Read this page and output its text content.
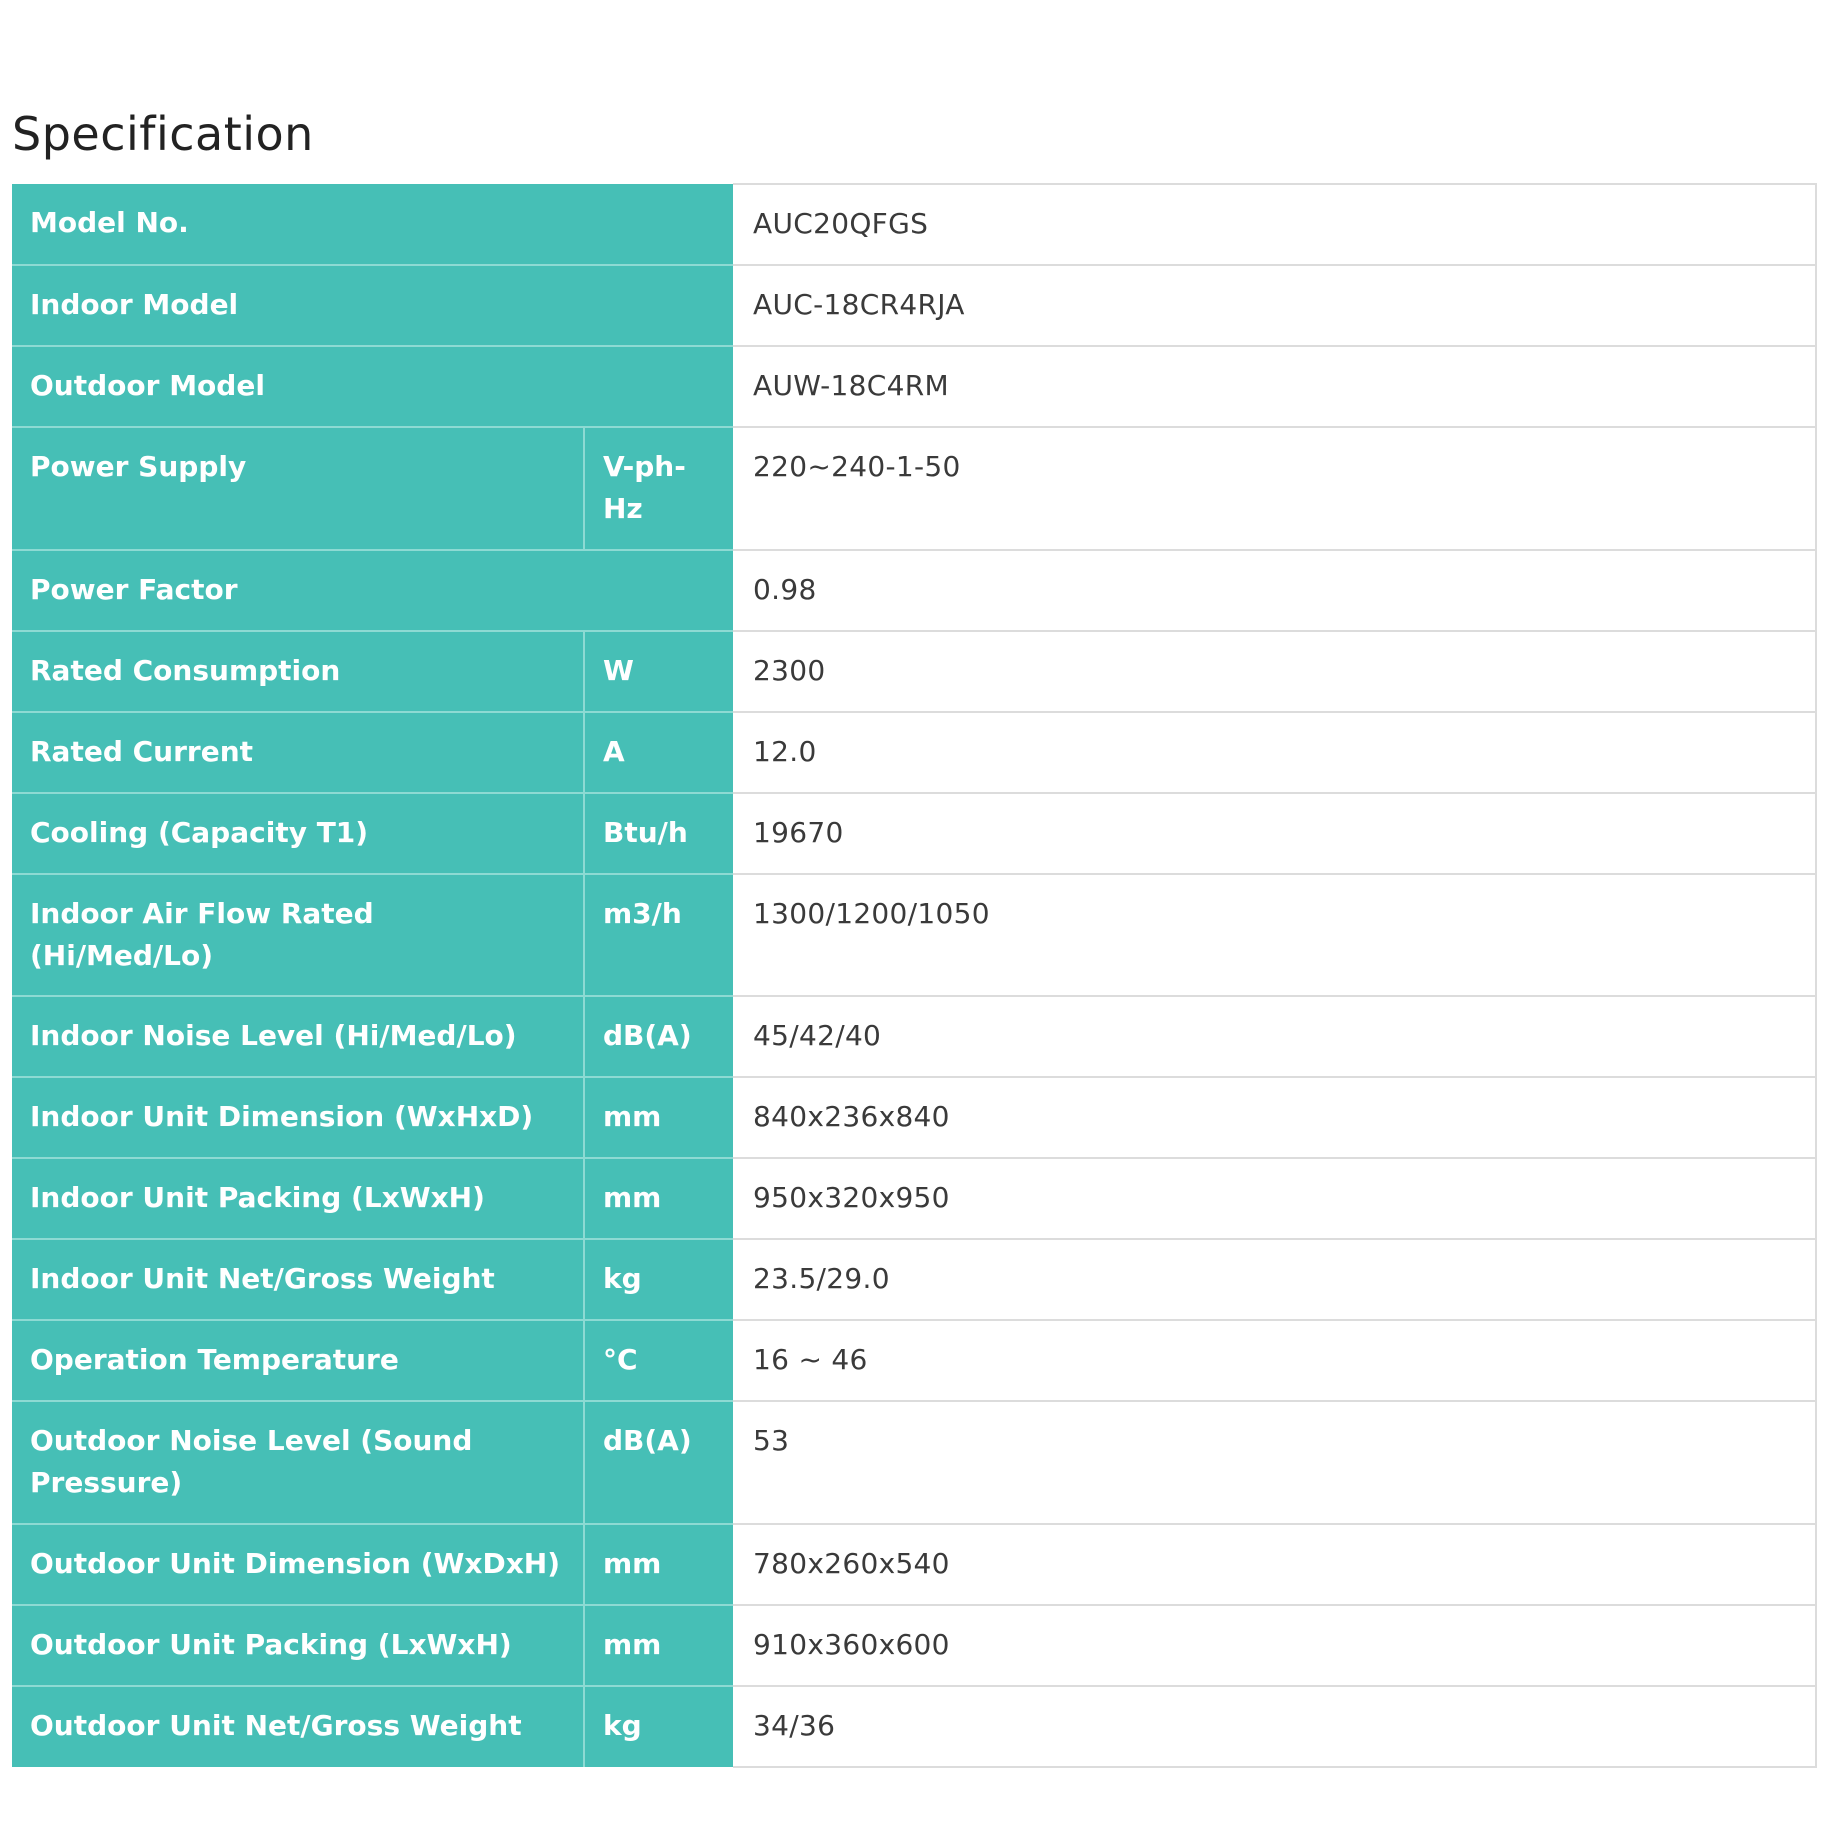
Specification
Model No.		AUC20QFGS
Indoor Model		AUC-18CR4RJA
Outdoor Model		AUW-18C4RM
Power Supply	V-ph-Hz	220~240-1-50
Power Factor		0.98
Rated Consumption	W	2300
Rated Current	A	12.0
Cooling (Capacity T1)	Btu/h	19670
Indoor Air Flow Rated (Hi/Med/Lo)	m3/h	1300/1200/1050
Indoor Noise Level (Hi/Med/Lo)	dB(A)	45/42/40
Indoor Unit Dimension (WxHxD)	mm	840x236x840
Indoor Unit Packing (LxWxH)	mm	950x320x950
Indoor Unit Net/Gross Weight	kg	23.5/29.0
Operation Temperature	°C	16 ~ 46
Outdoor Noise Level (Sound Pressure)	dB(A)	53
Outdoor Unit Dimension (WxDxH)	mm	780x260x540
Outdoor Unit Packing (LxWxH)	mm	910x360x600
Outdoor Unit Net/Gross Weight	kg	34/36
